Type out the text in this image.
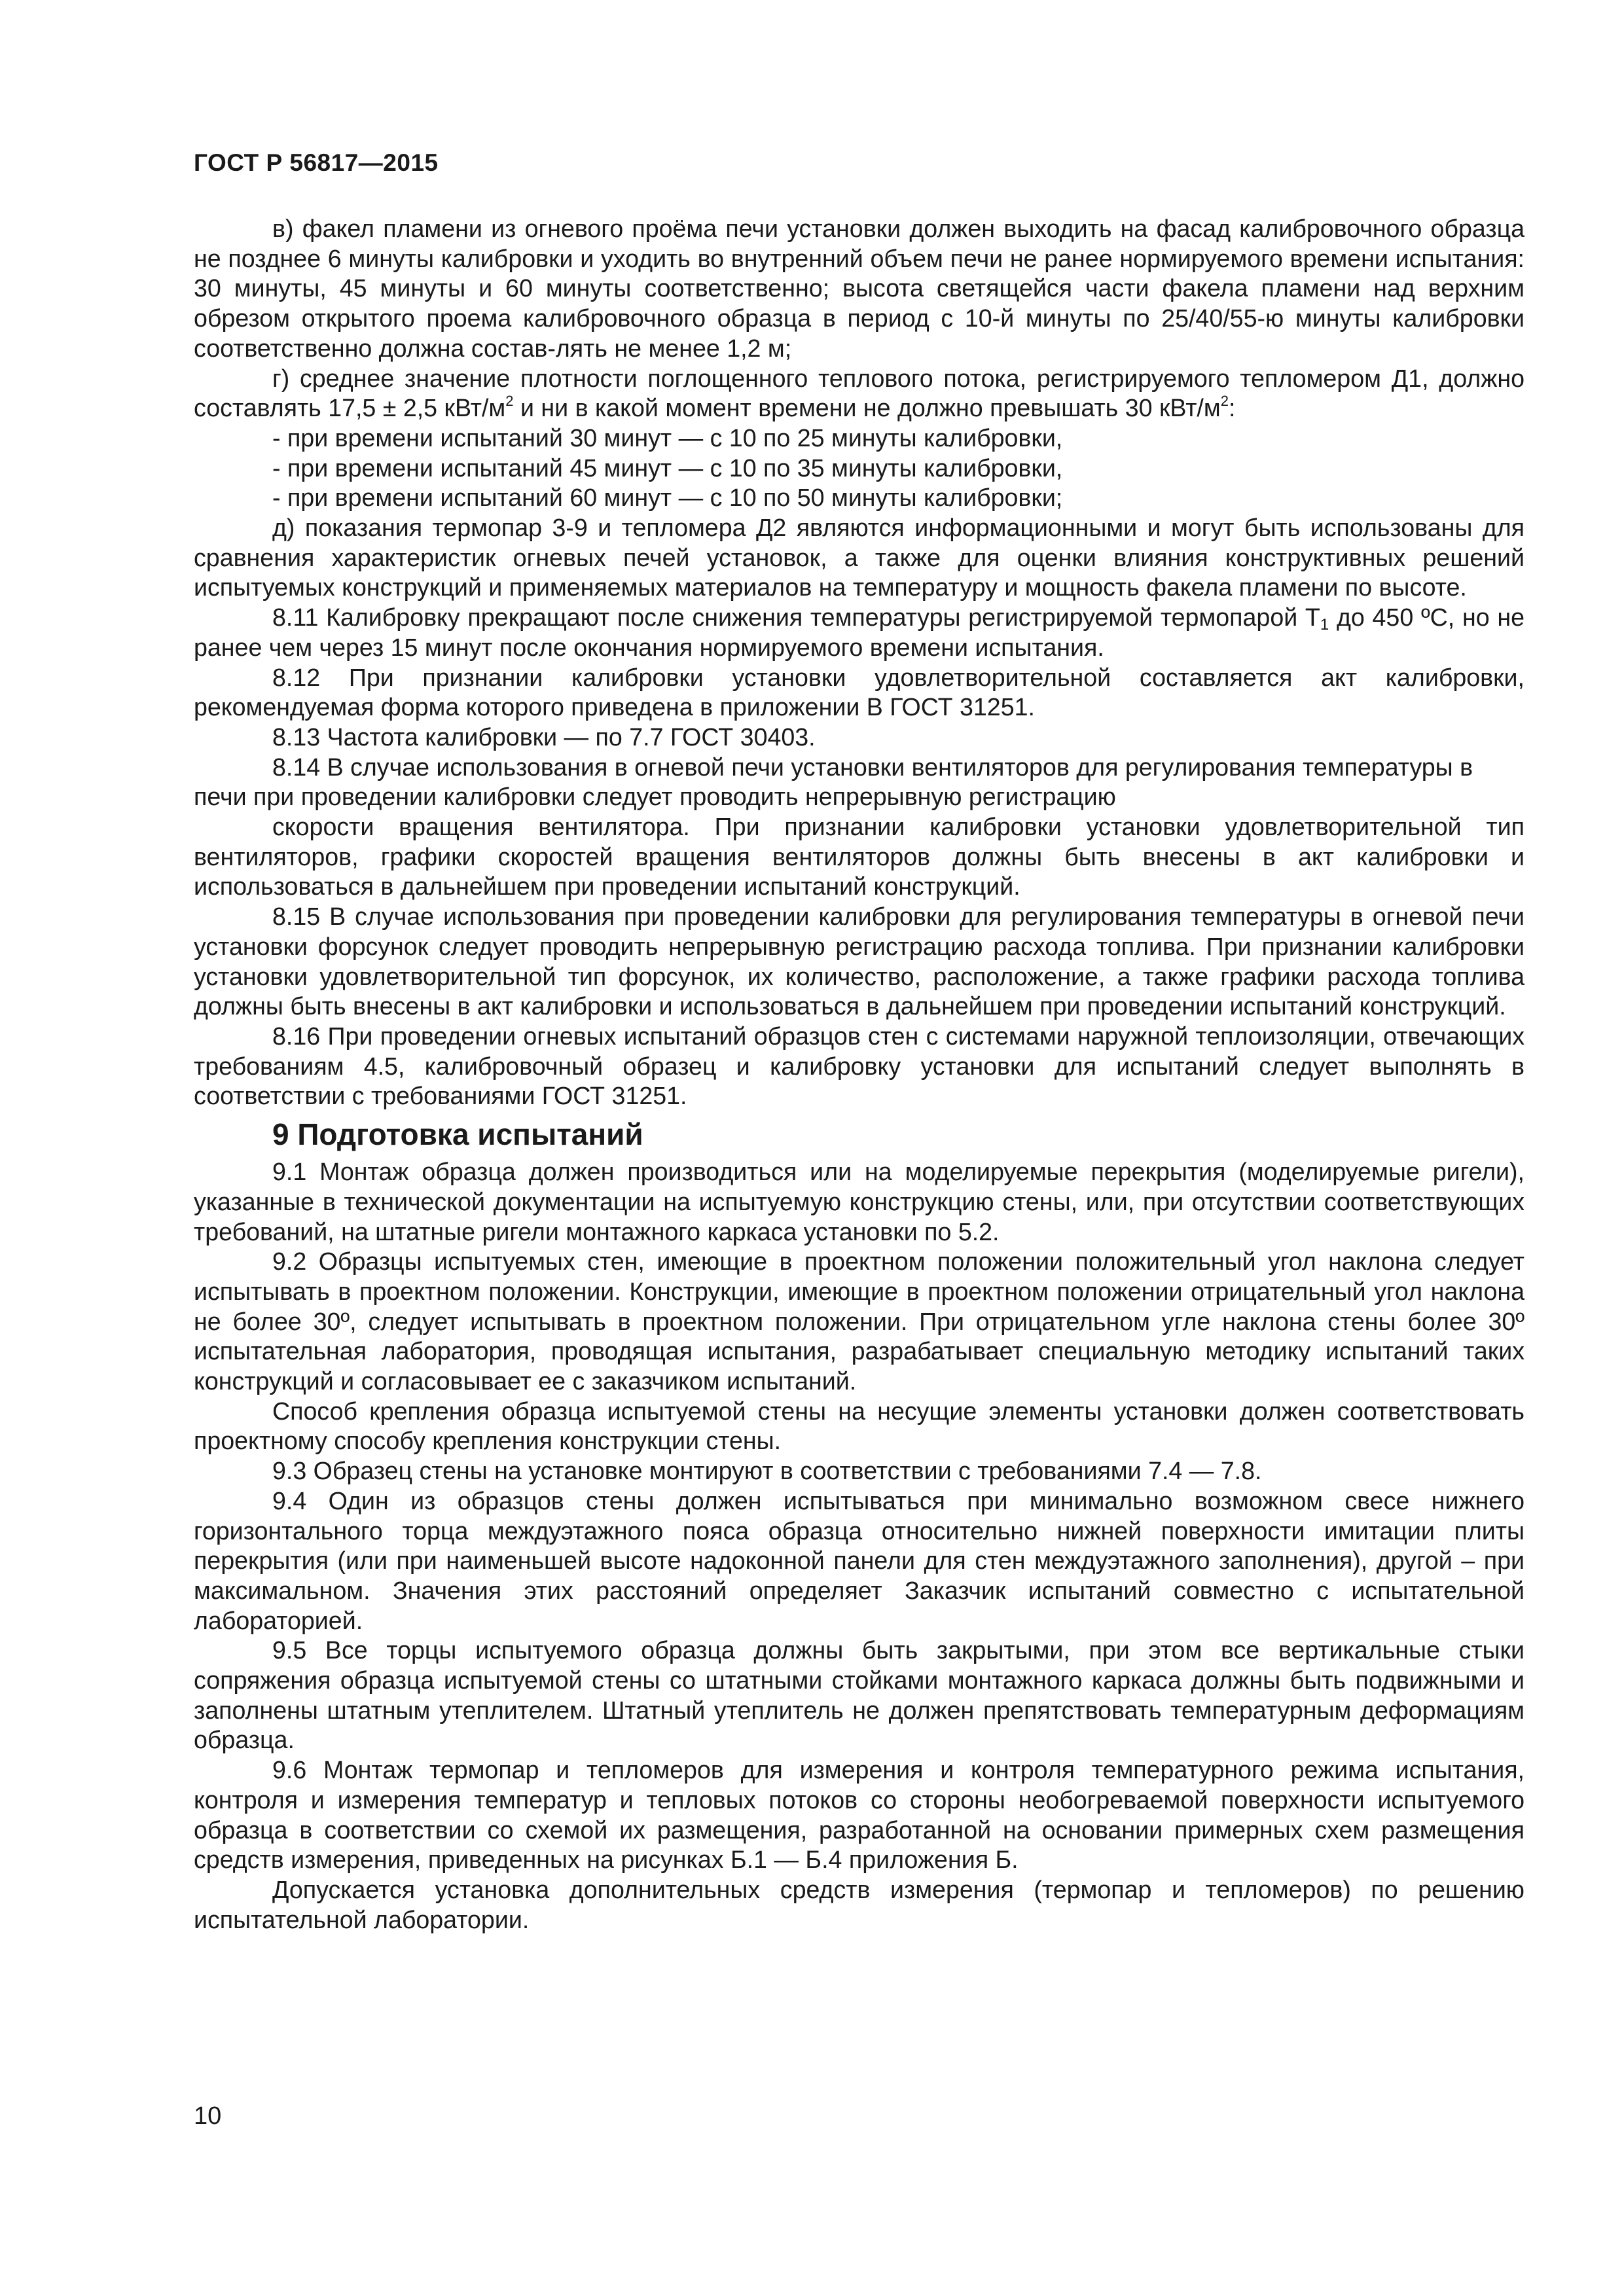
ГОСТ Р 56817—2015

в) факел пламени из огневого проёма печи установки должен выходить на фасад калибровочного образца не позднее 6 минуты калибровки и уходить во внутренний объем печи не ранее нормируемого времени испытания: 30 минуты, 45 минуты и 60 минуты соответственно; высота светящейся части факела пламени над верхним обрезом открытого проема калибровочного образца в период с 10-й минуты по 25/40/55-ю минуты калибровки соответственно должна состав-лять не менее 1,2 м;

г) среднее значение плотности поглощенного теплового потока, регистрируемого тепломером Д1, должно составлять 17,5 ± 2,5 кВт/$м^2$ и ни в какой момент времени не должно превышать 30 кВт/$м^2$:

- при времени испытаний 30 минут — с 10 по 25 минуты калибровки,

- при времени испытаний 45 минут — с 10 по 35 минуты калибровки,

- при времени испытаний 60 минут — с 10 по 50 минуты калибровки;

д) показания термопар 3-9 и тепломера Д2 являются информационными и могут быть использованы для сравнения характеристик огневых печей установок, а также для оценки влияния конструктивных решений испытуемых конструкций и применяемых материалов на температуру и мощность факела пламени по высоте.

8.11 Калибровку прекращают после снижения температуры регистрируемой термопарой $Т_1$ до 450 ºС, но не ранее чем через 15 минут после окончания нормируемого времени испытания.

8.12 При признании калибровки установки удовлетворительной составляется акт калибровки, рекомендуемая форма которого приведена в приложении В ГОСТ 31251.

8.13 Частота калибровки — по 7.7 ГОСТ 30403.

8.14 В случае использования в огневой печи установки вентиляторов для регулирования температуры в печи при проведении калибровки следует проводить непрерывную регистрацию

скорости вращения вентилятора. При признании калибровки установки удовлетворительной тип вентиляторов, графики скоростей вращения вентиляторов должны быть внесены в акт калибровки и использоваться в дальнейшем при проведении испытаний конструкций.

8.15 В случае использования при проведении калибровки для регулирования температуры в огневой печи установки форсунок следует проводить непрерывную регистрацию расхода топлива. При признании калибровки установки удовлетворительной тип форсунок, их количество, расположение, а также графики расхода топлива должны быть внесены в акт калибровки и использоваться в дальнейшем при проведении испытаний конструкций.

8.16 При проведении огневых испытаний образцов стен с системами наружной теплоизоляции, отвечающих требованиям 4.5, калибровочный образец и калибровку установки для испытаний следует выполнять в соответствии с требованиями ГОСТ 31251.

9 Подготовка испытаний

9.1 Монтаж образца должен производиться или на моделируемые перекрытия (моделируемые ригели), указанные в технической документации на испытуемую конструкцию стены, или, при отсутствии соответствующих требований, на штатные ригели монтажного каркаса установки по 5.2.

9.2 Образцы испытуемых стен, имеющие в проектном положении положительный угол наклона следует испытывать в проектном положении. Конструкции, имеющие в проектном положении отрицательный угол наклона не более 30º, следует испытывать в проектном положении. При отрицательном угле наклона стены более 30º испытательная лаборатория, проводящая испытания, разрабатывает специальную методику испытаний таких конструкций и согласовывает ее с заказчиком испытаний.

Способ крепления образца испытуемой стены на несущие элементы установки должен соответствовать проектному способу крепления конструкции стены.

9.3 Образец стены на установке монтируют в соответствии с требованиями 7.4 — 7.8.

9.4 Один из образцов стены должен испытываться при минимально возможном свесе нижнего горизонтального торца междуэтажного пояса образца относительно нижней поверхности имитации плиты перекрытия (или при наименьшей высоте надоконной панели для стен междуэтажного заполнения), другой – при максимальном. Значения этих расстояний определяет Заказчик испытаний совместно с испытательной лабораторией.

9.5 Все торцы испытуемого образца должны быть закрытыми, при этом все вертикальные стыки сопряжения образца испытуемой стены со штатными стойками монтажного каркаса должны быть подвижными и заполнены штатным утеплителем. Штатный утеплитель не должен препятствовать температурным деформациям образца.

9.6 Монтаж термопар и тепломеров для измерения и контроля температурного режима испытания, контроля и измерения температур и тепловых потоков со стороны необогреваемой поверхности испытуемого образца в соответствии со схемой их размещения, разработанной на основании примерных схем размещения средств измерения, приведенных на рисунках Б.1 — Б.4 приложения Б.

Допускается установка дополнительных средств измерения (термопар и тепломеров) по решению испытательной лаборатории.

10
